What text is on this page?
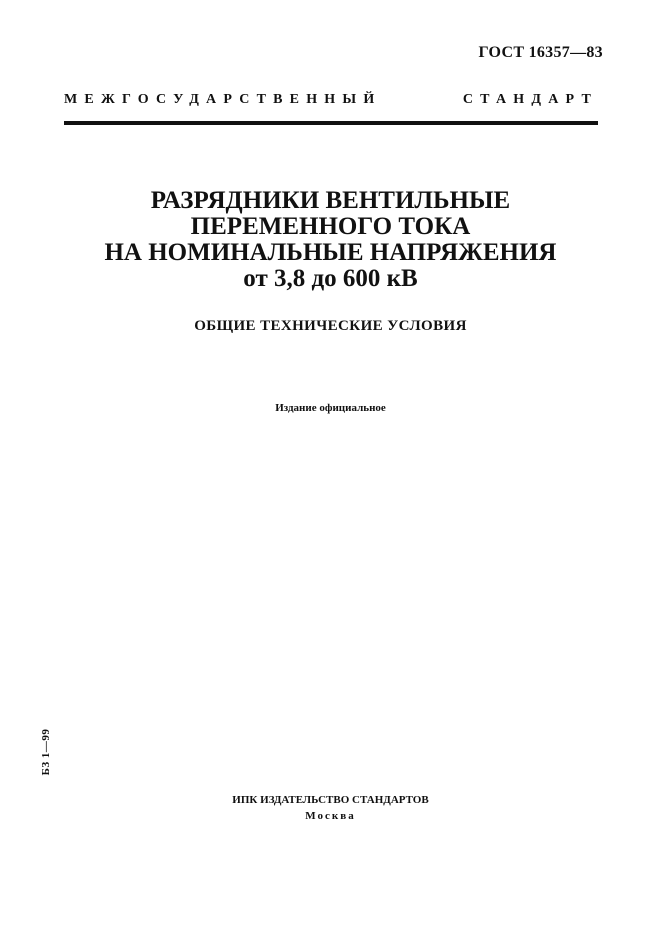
ГОСТ 16357—83
МЕЖГОСУДАРСТВЕННЫЙ СТАНДАРТ
РАЗРЯДНИКИ ВЕНТИЛЬНЫЕ
ПЕРЕМЕННОГО ТОКА
НА НОМИНАЛЬНЫЕ НАПРЯЖЕНИЯ
от 3,8 до 600 кВ
ОБЩИЕ ТЕХНИЧЕСКИЕ УСЛОВИЯ
Издание официальное
БЗ 1—99
ИПК ИЗДАТЕЛЬСТВО СТАНДАРТОВ
Москва
